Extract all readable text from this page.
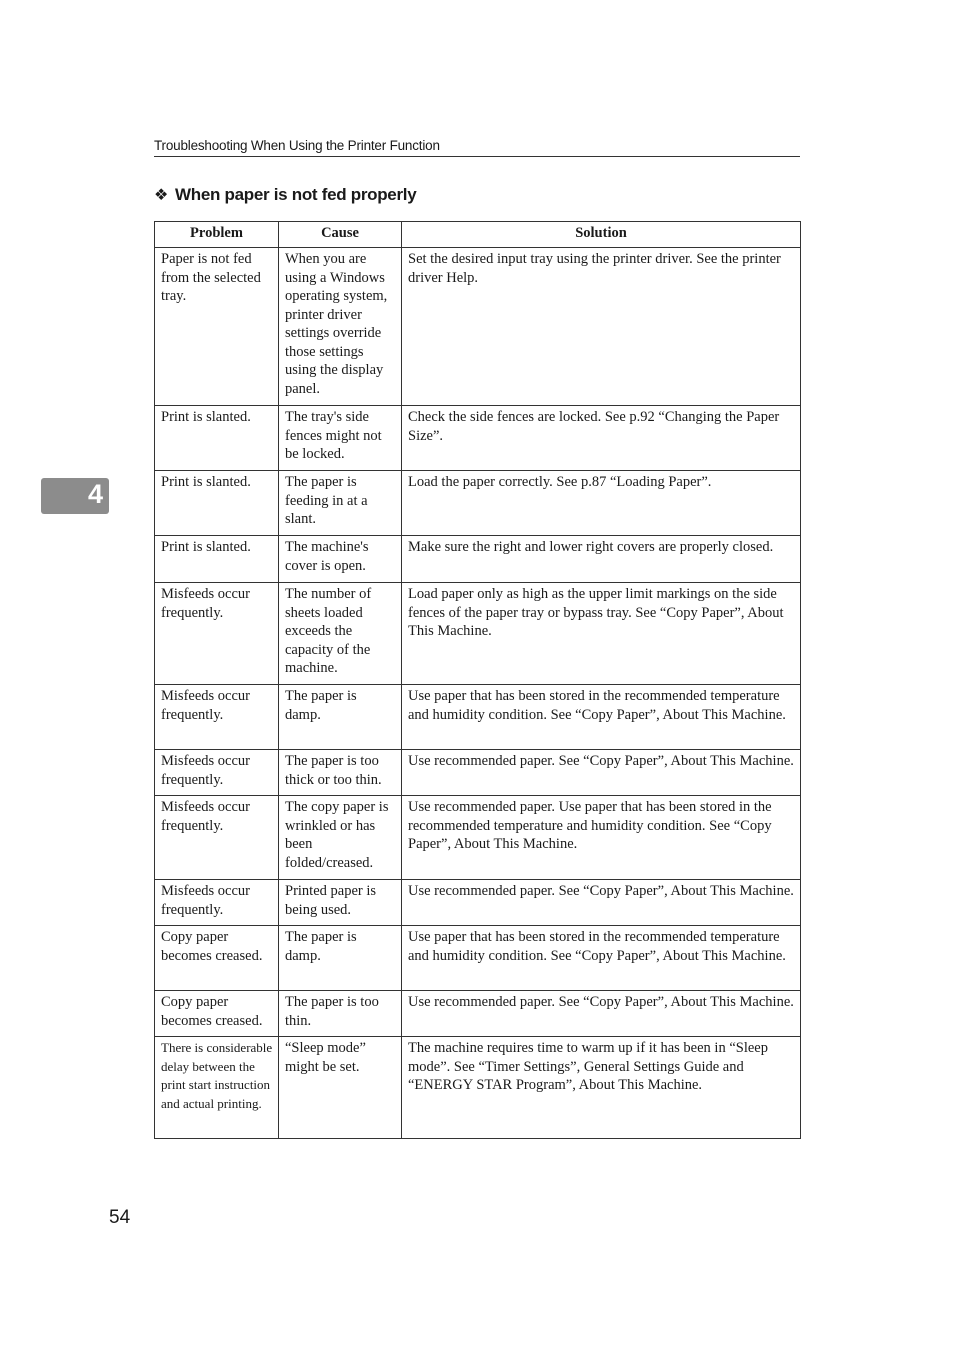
Troubleshooting When Using the Printer Function
❖ When paper is not fed properly
Problem	Cause	Solution
Paper is not fed from the selected tray.	When you are using a Windows operating system, printer driver settings override those settings using the display panel.	Set the desired input tray using the printer driver. See the printer driver Help.
Print is slanted.	The tray's side fences might not be locked.	Check the side fences are locked. See p.92 “Changing the Paper Size”.
Print is slanted.	The paper is feeding in at a slant.	Load the paper correctly. See p.87 “Loading Paper”.
Print is slanted.	The machine's cover is open.	Make sure the right and lower right covers are properly closed.
Misfeeds occur frequently.	The number of sheets loaded exceeds the capacity of the machine.	Load paper only as high as the upper limit markings on the side fences of the paper tray or bypass tray. See “Copy Paper”, About This Machine.
Misfeeds occur frequently.	The paper is damp.	Use paper that has been stored in the recommended temperature and humidity condition. See “Copy Paper”, About This Machine.
Misfeeds occur frequently.	The paper is too thick or too thin.	Use recommended paper. See “Copy Paper”, About This Machine.
Misfeeds occur frequently.	The copy paper is wrinkled or has been folded/creased.	Use recommended paper. Use paper that has been stored in the recommended temperature and humidity condition. See “Copy Paper”, About This Machine.
Misfeeds occur frequently.	Printed paper is being used.	Use recommended paper. See “Copy Paper”, About This Machine.
Copy paper becomes creased.	The paper is damp.	Use paper that has been stored in the recommended temperature and humidity condition. See “Copy Paper”, About This Machine.
Copy paper becomes creased.	The paper is too thin.	Use recommended paper. See “Copy Paper”, About This Machine.
There is considerable delay between the print start instruction and actual printing.	“Sleep mode” might be set.	The machine requires time to warm up if it has been in “Sleep mode”. See “Timer Settings”, General Settings Guide and “ENERGY STAR Program”, About This Machine.
4
54
